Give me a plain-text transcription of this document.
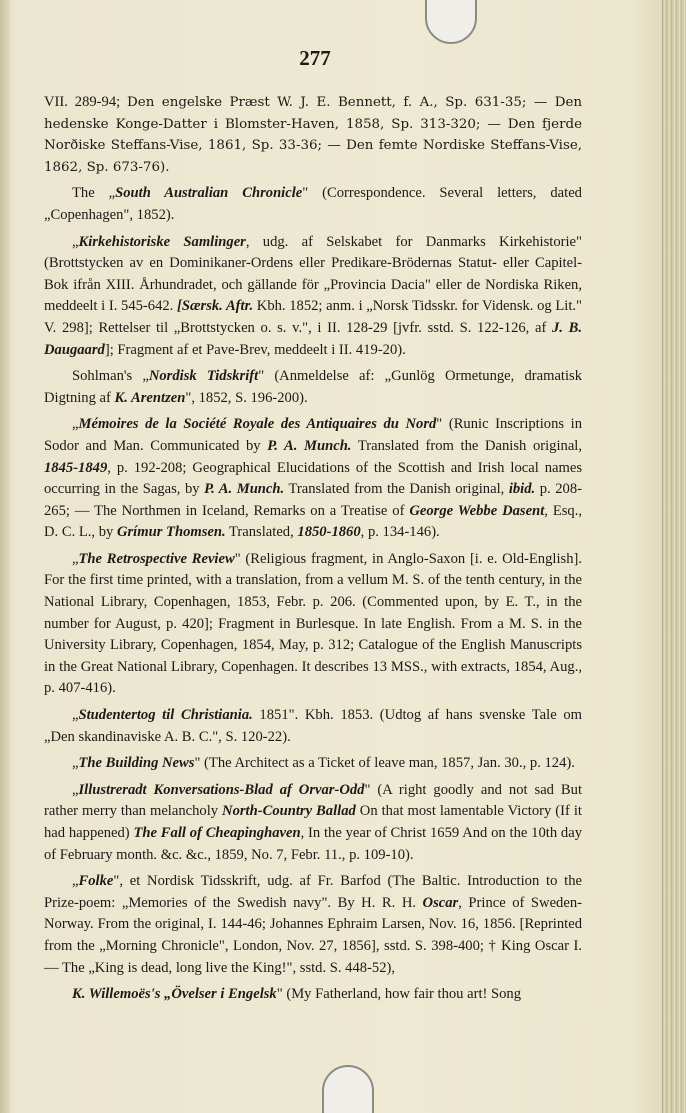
277

VII. 289-94; Den engelske Præst W. J. E. Bennett, f. A., Sp. 631-35; — Den hedenske Konge-Datter i Blomster-Haven, 1858, Sp. 313-320; — Den fjerde Norðiske Steffans-Vise, 1861, Sp. 33-36; — Den femte Nordiske Steffans-Vise, 1862, Sp. 673-76).

The „South Australian Chronicle" (Correspondence. Several letters, dated „Copenhagen", 1852).

„Kirkehistoriske Samlinger, udg. af Selskabet for Danmarks Kirkehistorie" (Brottstycken av en Dominikaner-Ordens eller Predikare-Brödernas Statut- eller Capitel-Bok ifrån XIII. Århundradet, och gällande för „Provincia Dacia" eller de Nordiska Riken, meddeelt i I. 545-642. [Særsk. Aftr. Kbh. 1852; anm. i „Norsk Tidsskr. for Vidensk. og Lit." V. 298]; Rettelser til „Brottstycken o. s. v.", i II. 128-29 [jvfr. sstd. S. 122-126, af J. B. Daugaard]; Fragment af et Pave-Brev, meddeelt i II. 419-20).

Sohlman's „Nordisk Tidskrift" (Anmeldelse af: „Gunlög Ormetunge, dramatisk Digtning af K. Arentzen", 1852, S. 196-200).

„Mémoires de la Société Royale des Antiquaires du Nord" (Runic Inscriptions in Sodor and Man. Communicated by P. A. Munch. Translated from the Danish original, 1845-1849, p. 192-208; Geographical Elucidations of the Scottish and Irish local names occurring in the Sagas, by P. A. Munch. Translated from the Danish original, ibid. p. 208-265; — The Northmen in Iceland, Remarks on a Treatise of George Webbe Dasent, Esq., D. C. L., by Grímur Thomsen. Translated, 1850-1860, p. 134-146).

„The Retrospective Review" (Religious fragment, in Anglo-Saxon [i. e. Old-English]. For the first time printed, with a translation, from a vellum M. S. of the tenth century, in the National Library, Copenhagen, 1853, Febr. p. 206. (Commented upon, by E. T., in the number for August, p. 420]; Fragment in Burlesque. In late English. From a M. S. in the University Library, Copenhagen, 1854, May, p. 312; Catalogue of the English Manuscripts in the Great National Library, Copenhagen. It describes 13 MSS., with extracts, 1854, Aug., p. 407-416).

„Studentertog til Christiania. 1851". Kbh. 1853. (Udtog af hans svenske Tale om „Den skandinaviske A. B. C.", S. 120-22).

„The Building News" (The Architect as a Ticket of leave man, 1857, Jan. 30., p. 124).

„Illustreradt Konversations-Blad af Orvar-Odd" (A right goodly and not sad But rather merry than melancholy North-Country Ballad On that most lamentable Victory (If it had happened) The Fall of Cheapinghaven, In the year of Christ 1659 And on the 10th day of February month. &c. &c., 1859, No. 7, Febr. 11., p. 109-10).

„Folke", et Nordisk Tidsskrift, udg. af Fr. Barfod (The Baltic. Introduction to the Prize-poem: „Memories of the Swedish navy". By H. R. H. Oscar, Prince of Sweden-Norway. From the original, I. 144-46; Johannes Ephraim Larsen, Nov. 16, 1856. [Reprinted from the „Morning Chronicle", London, Nov. 27, 1856], sstd. S. 398-400; † King Oscar I. — The „King is dead, long live the King!", sstd. S. 448-52),

K. Willemoës's „Övelser i Engelsk" (My Fatherland, how fair thou art! Song
